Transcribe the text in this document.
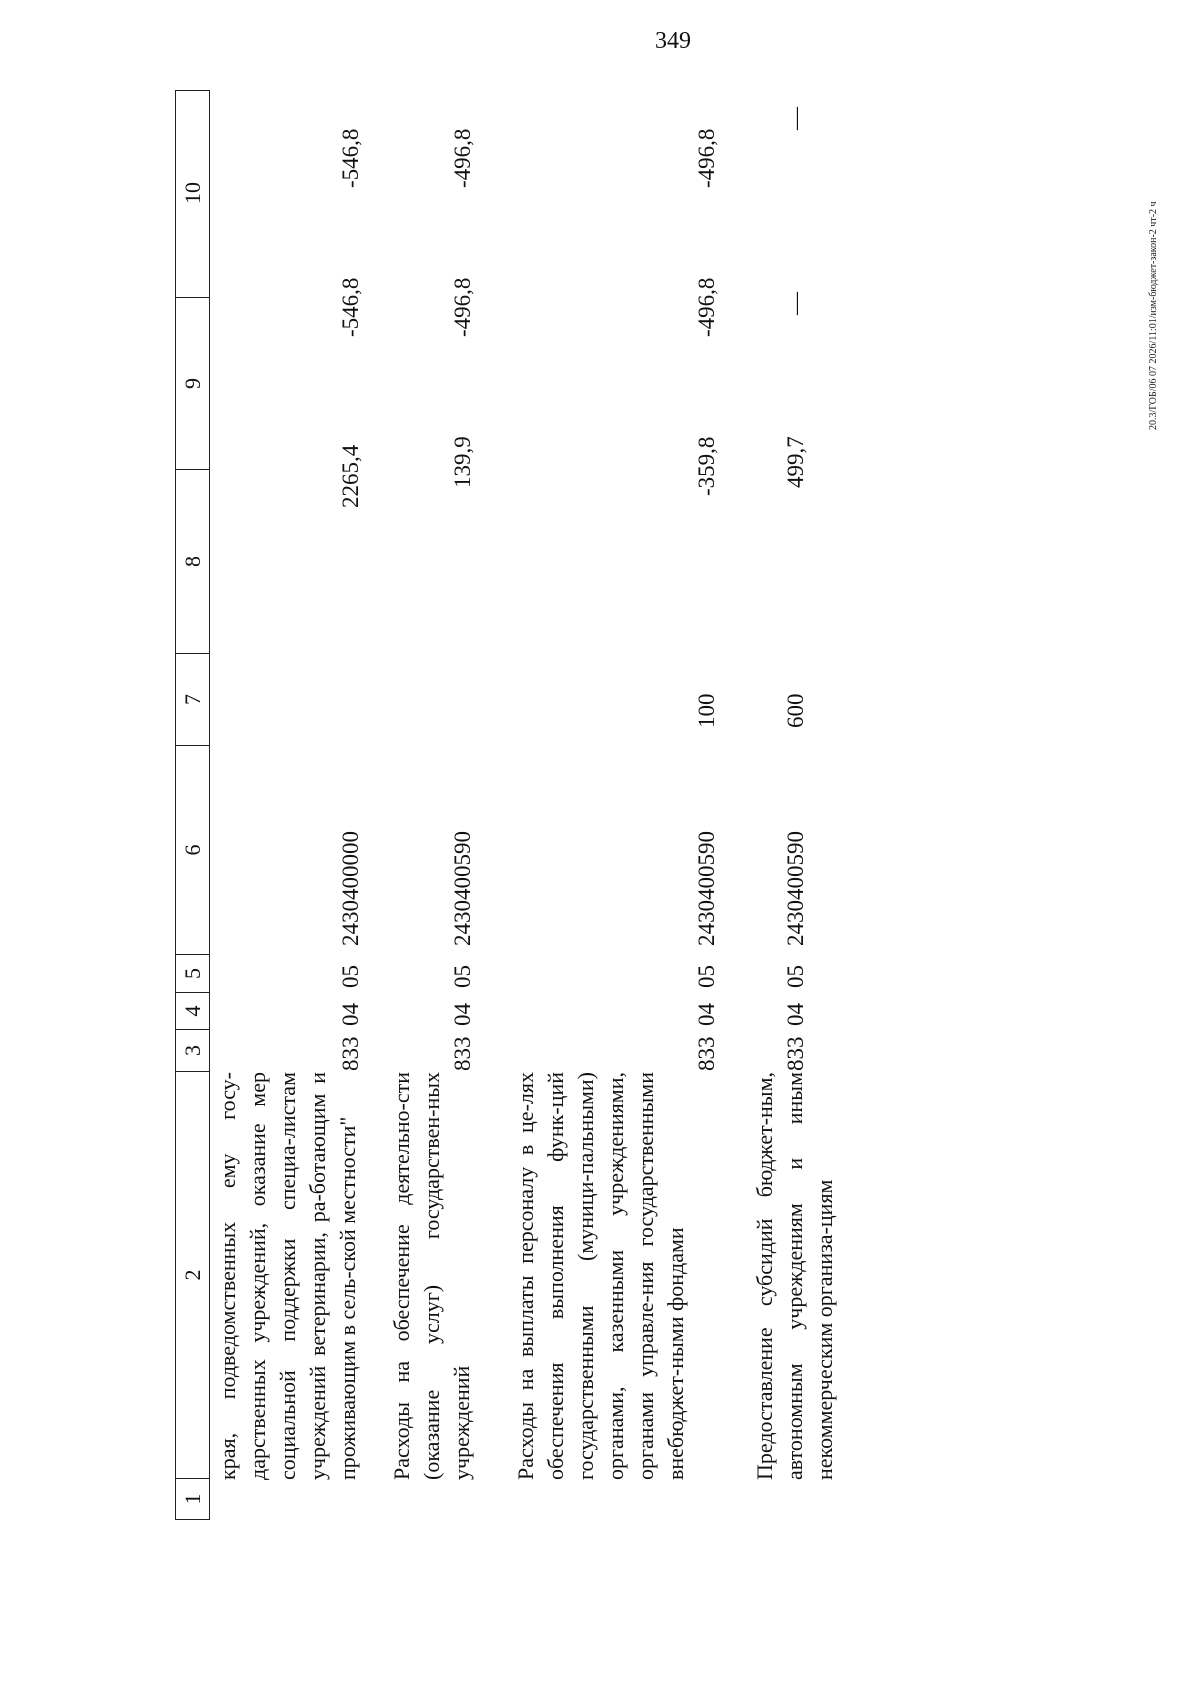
349
20.3/ГОБ/06 07 2026/11:01/изм-бюджет-закон-2 чт-2 ч
1
2
3
4
5
6
7
8
9
10
края, подведомственных ему госу-дарственных учреждений, оказание мер социальной поддержки специа-листам учреждений ветеринарии, ра-ботающим и проживающим в сель-ской местности"
833
04
05
2430400000
2265,4
-546,8
-546,8
Расходы на обеспечение деятельно-сти (оказание услуг) государствен-ных учреждений
833
04
05
2430400590
139,9
-496,8
-496,8
Расходы на выплаты персоналу в це-лях обеспечения выполнения функ-ций государственными (муници-пальными) органами, казенными учреждениями, органами управле-ния государственными внебюджет-ными фондами
833
04
05
2430400590
100
-359,8
-496,8
-496,8
Предоставление субсидий бюджет-ным, автономным учреждениям и иным некоммерческим организа-циям
833
04
05
2430400590
600
499,7
—
—
